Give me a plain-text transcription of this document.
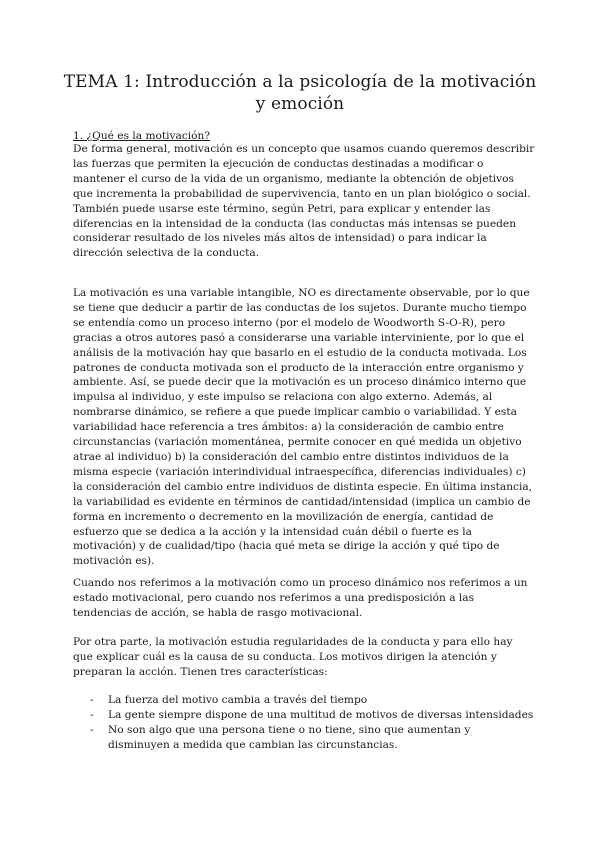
TEMA 1: Introducción a la psicología de la motivación
y emoción

1. ¿Qué es la motivación?

De forma general, motivación es un concepto que usamos cuando queremos describir las fuerzas que permiten la ejecución de conductas destinadas a modificar o mantener el curso de la vida de un organismo, mediante la obtención de objetivos que incrementa la probabilidad de supervivencia, tanto en un plan biológico o social. También puede usarse este término, según Petri, para explicar y entender las diferencias en la intensidad de la conducta (las conductas más intensas se pueden considerar resultado de los niveles más altos de intensidad) o para indicar la dirección selectiva de la conducta.

La motivación es una variable intangible, NO es directamente observable, por lo que se tiene que deducir a partir de las conductas de los sujetos. Durante mucho tiempo se entendía como un proceso interno (por el modelo de Woodworth S-O-R), pero gracias a otros autores pasó a considerarse una variable interviniente, por lo que el análisis de la motivación hay que basarlo en el estudio de la conducta motivada. Los patrones de conducta motivada son el producto de la interacción entre organismo y ambiente. Así, se puede decir que la motivación es un proceso dinámico interno que impulsa al individuo, y este impulso se relaciona con algo externo. Además, al nombrarse dinámico, se refiere a que puede implicar cambio o variabilidad. Y esta variabilidad hace referencia a tres ámbitos: a) la consideración de cambio entre circunstancias (variación momentánea, permite conocer en qué medida un objetivo atrae al individuo) b) la consideración del cambio entre distintos individuos de la misma especie (variación interindividual intraespecífica, diferencias individuales) c) la consideración del cambio entre individuos de distinta especie. En última instancia, la variabilidad es evidente en términos de cantidad/intensidad (implica un cambio de forma en incremento o decremento en la movilización de energía, cantidad de esfuerzo que se dedica a la acción y la intensidad cuán débil o fuerte es la motivación) y de cualidad/tipo (hacia qué meta se dirige la acción y qué tipo de motivación es).

Cuando nos referimos a la motivación como un proceso dinámico nos referimos a un estado motivacional, pero cuando nos referimos a una predisposición a las tendencias de acción, se habla de rasgo motivacional.

Por otra parte, la motivación estudia regularidades de la conducta y para ello hay que explicar cuál es la causa de su conducta. Los motivos dirigen la atención y preparan la acción. Tienen tres características:

- La fuerza del motivo cambia a través del tiempo
- La gente siempre dispone de una multitud de motivos de diversas intensidades
- No son algo que una persona tiene o no tiene, sino que aumentan y disminuyen a medida que cambian las circunstancias.
